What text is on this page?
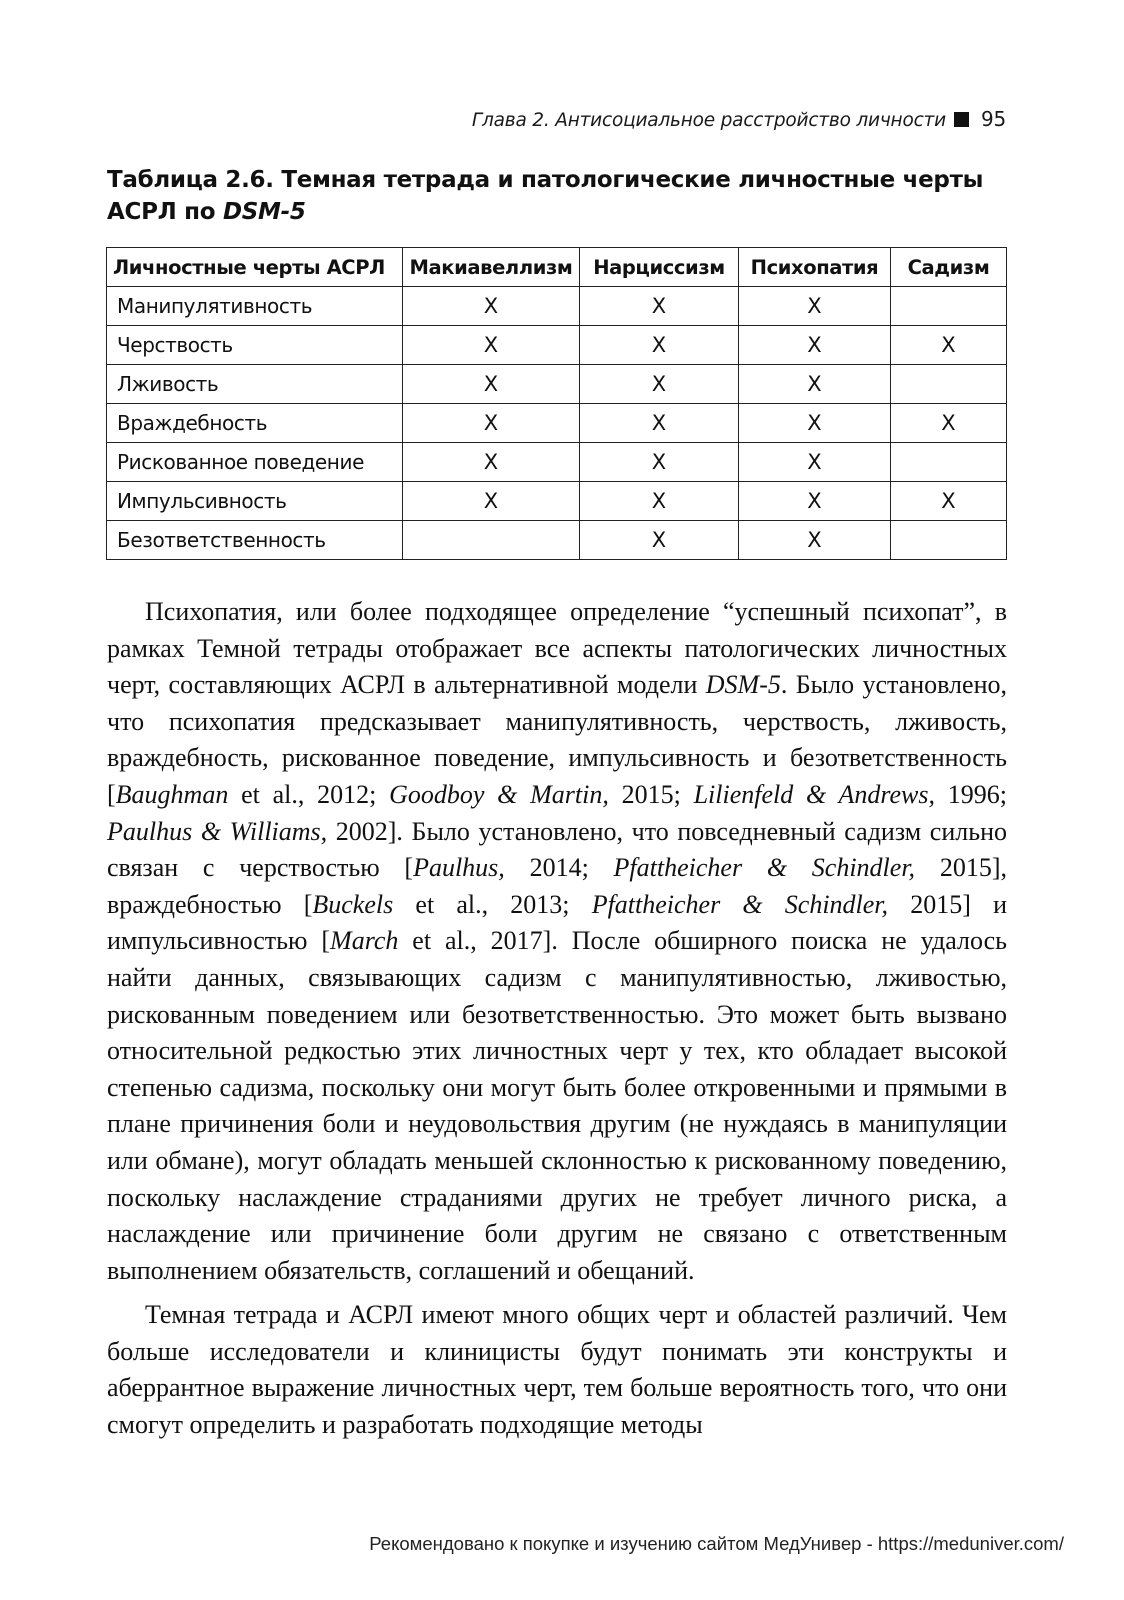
Глава 2. Антисоциальное расстройство личности 95
Таблица 2.6. Темная тетрада и патологические личностные черты АСРЛ по DSM-5
Личностные черты АСРЛ	Макиавеллизм	Нарциссизм	Психопатия	Садизм
Манипулятивность	X	X	X	
Черствость	X	X	X	X
Лживость	X	X	X	
Враждебность	X	X	X	X
Рискованное поведение	X	X	X	
Импульсивность	X	X	X	X
Безответственность		X	X	

Психопатия, или более подходящее определение “успешный психопат”, в рамках Темной тетрады отображает все аспекты патологических личностных черт, составляющих АСРЛ в альтернативной модели DSM-5. Было установлено, что психопатия предсказывает манипулятивность, черствость, лживость, враждебность, рискованное поведение, импульсивность и безответственность [Baughman et al., 2012; Goodboy & Martin, 2015; Lilienfeld & Andrews, 1996; Paulhus & Williams, 2002]. Было установлено, что повседневный садизм сильно связан с черствостью [Paulhus, 2014; Pfattheicher & Schindler, 2015], враждебностью [Buckels et al., 2013; Pfattheicher & Schindler, 2015] и импульсивностью [March et al., 2017]. После обширного поиска не удалось найти данных, связывающих садизм с манипулятивностью, лживостью, рискованным поведением или безответственностью. Это может быть вызвано относительной редкостью этих личностных черт у тех, кто обладает высокой степенью садизма, поскольку они могут быть более откровенными и прямыми в плане причинения боли и неудовольствия другим (не нуждаясь в манипуляции или обмане), могут обладать меньшей склонностью к рискованному поведению, поскольку наслаждение страданиями других не требует личного риска, а наслаждение или причинение боли другим не связано с ответственным выполнением обязательств, соглашений и обещаний.

Темная тетрада и АСРЛ имеют много общих черт и областей различий. Чем больше исследователи и клиницисты будут понимать эти конструкты и аберрантное выражение личностных черт, тем больше вероятность того, что они смогут определить и разработать подходящие методы

Рекомендовано к покупке и изучению сайтом МедУнивер - https://meduniver.com/
